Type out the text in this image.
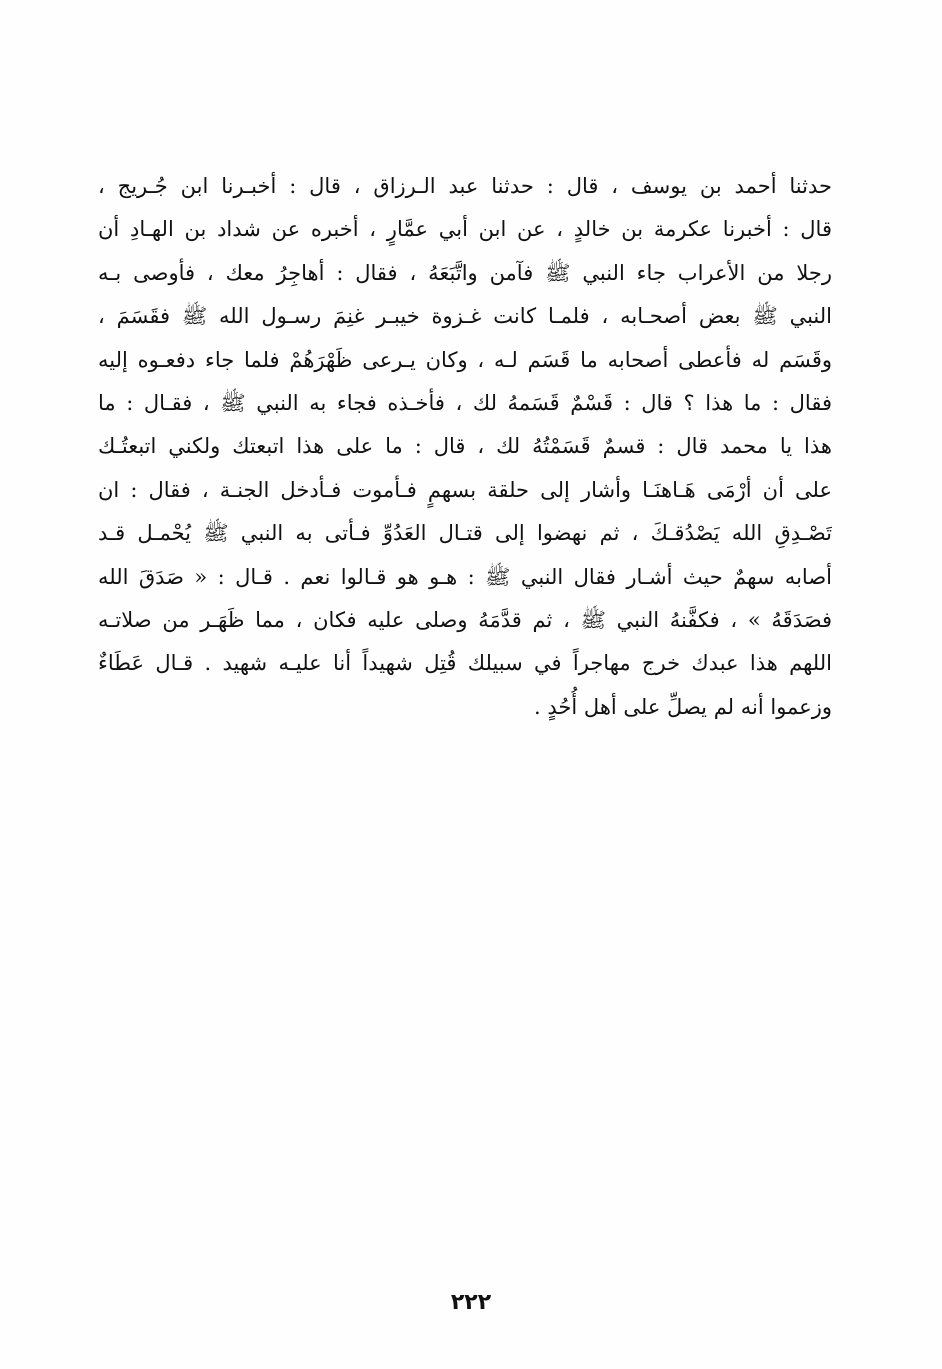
حدثنا أحمد بن يوسف ، قال : حدثنا عبد الـرزاق ، قال : أخبـرنا ابن جُـريج ،
قال : أخبرنا عكرمة بن خالدٍ ، عن ابن أبي عمَّارٍ ، أخبره عن شداد بن الهـادِ أن
رجلا من الأعراب جاء النبي ﷺ فآمن واتَّبَعَهُ ، فقال : أهاجِرُ معك ، فأوصى بـه
النبي ﷺ بعض أصحـابه ، فلمـا كانت غـزوة خيبـر غنِمَ رسـول الله ﷺ فقَسَمَ ،
وقَسَم له فأعطى أصحابه ما قَسَم لـه ، وكان يـرعى ظَهْرَهُمْ فلما جاء دفعـوه إليه
فقال : ما هذا ؟ قال : قَسْمٌ قَسَمهُ لك ، فأخـذه فجاء به النبي ﷺ ، فقـال : ما
هذا يا محمد قال : قسمٌ قَسَمْتُهُ لك ، قال : ما على هذا اتبعتك ولكني اتبعتُـك
على أن أرْمَى هَـاهنَـا وأشار إلى حلقة بسهمٍ فـأموت فـأدخل الجنـة ، فقال : ان
تَصْـدِقِ الله يَصْدُقـكَ ، ثم نهضوا إلى قتـال العَدُوِّ فـأتى به النبي ﷺ يُحْمـل قـد
أصابه سهمٌ حيث أشـار فقال النبي ﷺ : هـو هو قـالوا نعم . قـال : « صَدَقَ الله
فصَدَقَهُ » ، فكفَّنهُ النبي ﷺ ، ثم قدَّمَهُ وصلى عليه فكان ، مما ظَهَـر من صلاتـه
اللهم هذا عبدك خرج مهاجراً في سبيلك قُتِل شهيداً أنا عليـه شهيد . قـال عَطَاءٌ
وزعموا أنه لم يصلِّ على أهل أُحُدٍ .
٢٢٢
